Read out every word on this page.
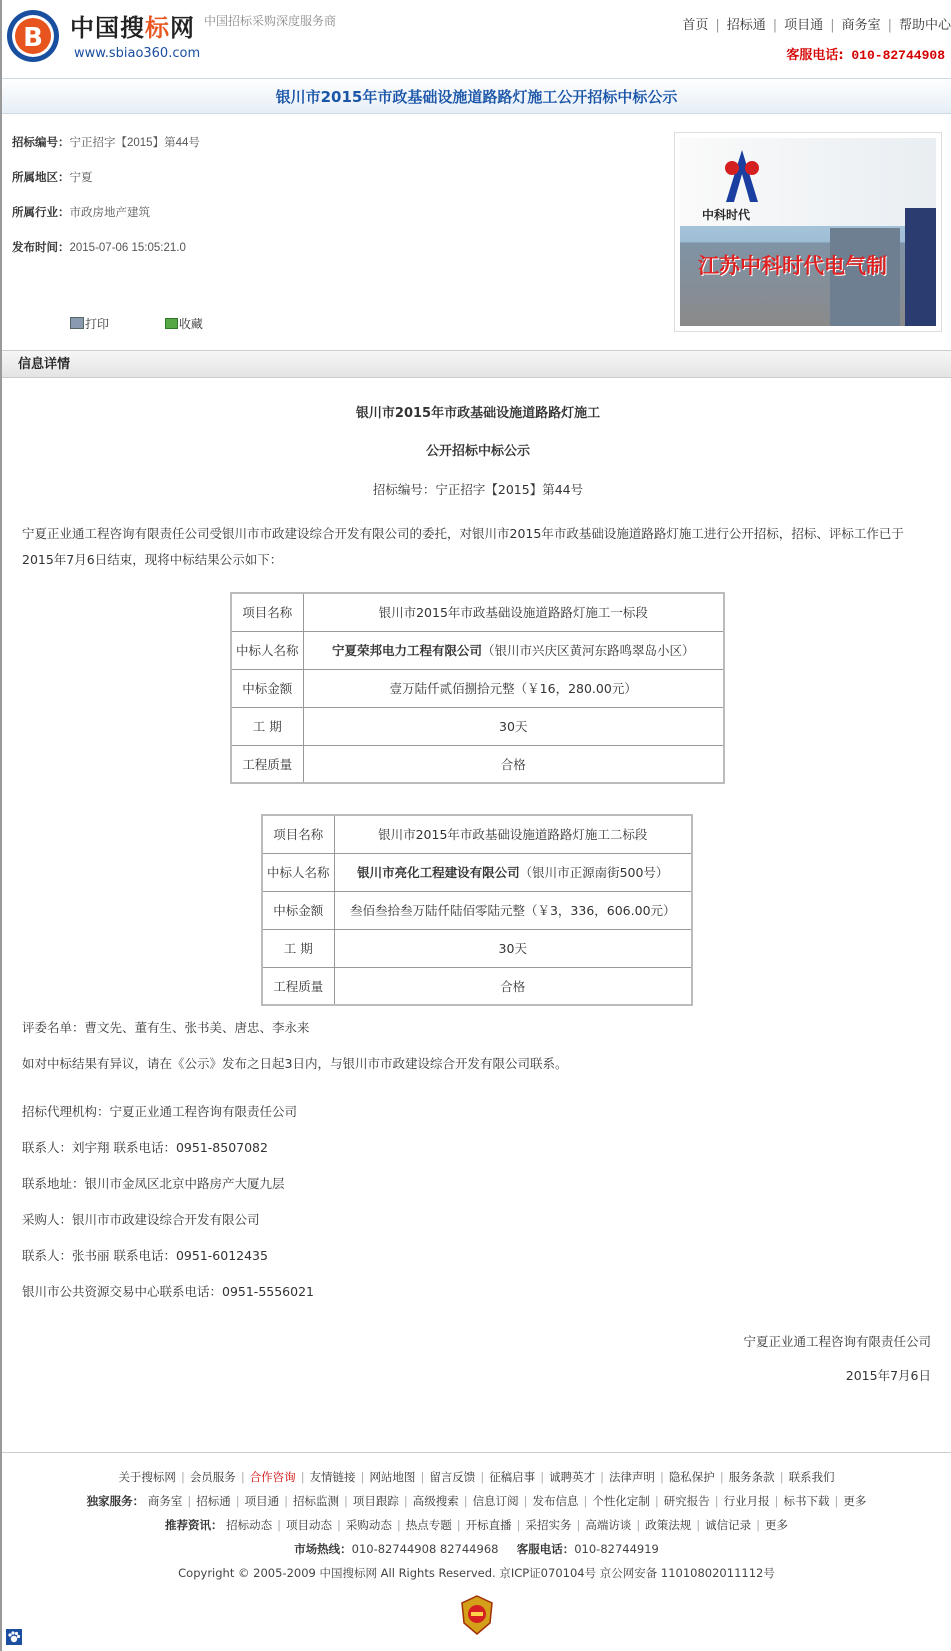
B 中国搜标网
www.sbiao360.com
中国招标采购深度服务商	首页 | 招标通 | 项目通 | 商务室 | 帮助中心
客服电话: 010-82744908
银川市2015年市政基础设施道路路灯施工公开招标中标公示
招标编号：宁正招字【2015】第44号
所属地区：宁夏
所属行业：市政房地产建筑
发布时间：2015-07-06 15:05:21.0
打印	收藏
中科时代
江苏中科时代电气制
信息详情
银川市2015年市政基础设施道路路灯施工
公开招标中标公示
招标编号：宁正招字【2015】第44号
宁夏正业通工程咨询有限责任公司受银川市市政建设综合开发有限公司的委托，对银川市2015年市政基础设施道路路灯施工进行公开招标，招标、评标工作已于2015年7月6日结束，现将中标结果公示如下：
项目名称	银川市2015年市政基础设施道路路灯施工一标段
中标人名称	宁夏荣邦电力工程有限公司（银川市兴庆区黄河东路鸣翠岛小区）
中标金额	壹万陆仟贰佰捌拾元整（￥16，280.00元）
工 期	30天
工程质量	合格
项目名称	银川市2015年市政基础设施道路路灯施工二标段
中标人名称	银川市亮化工程建设有限公司（银川市正源南街500号）
中标金额	叁佰叁拾叁万陆仟陆佰零陆元整（￥3，336，606.00元）
工 期	30天
工程质量	合格

评委名单：曹文先、董有生、张书美、唐忠、李永来

如对中标结果有异议，请在《公示》发布之日起3日内，与银川市市政建设综合开发有限公司联系。

招标代理机构：宁夏正业通工程咨询有限责任公司

联系人：刘宇翔 联系电话：0951-8507082

联系地址：银川市金凤区北京中路房产大厦九层

采购人：银川市市政建设综合开发有限公司

联系人：张书丽 联系电话：0951-6012435

银川市公共资源交易中心联系电话：0951-5556021

宁夏正业通工程咨询有限责任公司
2015年7月6日
关于搜标网 | 会员服务 | 合作咨询 | 友情链接 | 网站地图 | 留言反馈 | 征稿启事 | 诚聘英才 | 法律声明 | 隐私保护 | 服务条款 | 联系我们
独家服务： 商务室 | 招标通 | 项目通 | 招标监测 | 项目跟踪 | 高级搜索 | 信息订阅 | 发布信息 | 个性化定制 | 研究报告 | 行业月报 | 标书下载 | 更多
推荐资讯： 招标动态 | 项目动态 | 采购动态 | 热点专题 | 开标直播 | 采招实务 | 高端访谈 | 政策法规 | 诚信记录 | 更多
市场热线：010-82744908 82744968 客服电话：010-82744919
Copyright © 2005-2009 中国搜标网 All Rights Reserved. 京ICP证070104号 京公网安备 11010802011112号
